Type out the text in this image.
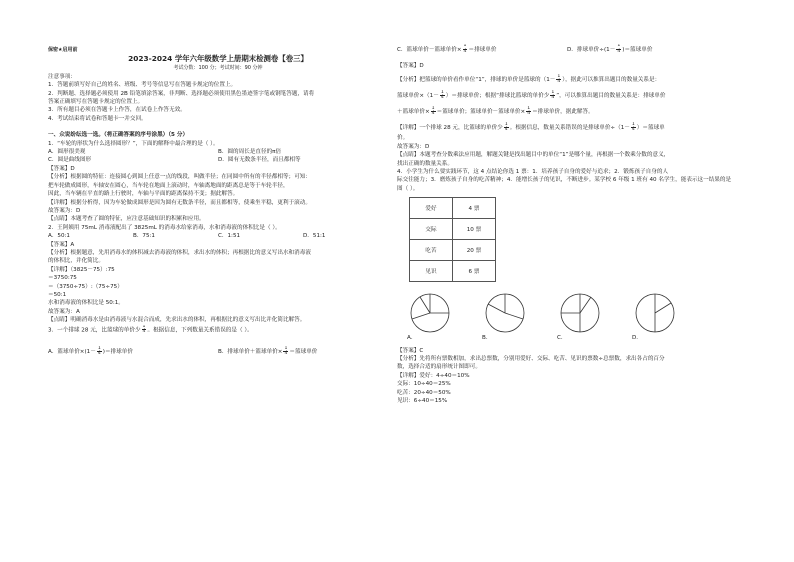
保密★启用前
2023-2024 学年六年级数学上册期末检测卷【卷三】
考试分数：100 分；考试时间：90 分钟
注意事项：
1．答题前填写好自己的姓名、班级、考号等信息写在答题卡规定的位置上。
2．判断题、选择题必须使用 2B 铅笔填涂答案，非判断、选择题必须使用黑色墨迹签字笔或钢笔答题，请将
答案正确填写在答题卡规定的位置上。
3．所有题目必须在答题卡上作答，在试卷上作答无效。
4．考试结束将试卷和答题卡一并交回。
一、众说纷纭选一选。（将正确答案的序号涂黑）（5 分）
1．“车轮的形状为什么选择圆形？”，下面的解释中最合理的是（ ）。
A．圆形很美观	B．圆的周长是直径的π倍
C．圆是曲线图形	D．圆有无数条半径，而且都相等
【答案】D
【分析】根据圆的特征：连接圆心到圆上任意一点的线段，叫做半径；在同圆中所有的半径都相等；可知：
把车轮做成圆形，车轴安在圆心，当车轮在地面上滚动时，车轴离地面的距离总是等于车轮半径，
因此，当车辆在平直的路上行驶时，车轴与平面的距离保持不变；据此解答。
【详解】根据分析得，因为车轮做成圆形是因为圆有无数条半径，而且都相等，使乘坐平稳，更利于滚动。
故答案为：D
【点睛】本题考查了圆的特征，应注意基础知识的积累和应用。
2．王阿姨用 75mL 消毒液配出了 3825mL 的消毒水给家消毒，水和消毒液的体积比是（ ）。
A．50:1	B．75:1	C．1:51	D．51:1
【答案】A
【分析】根据题意，先用消毒水的体积减去消毒液的体积，求出水的体积；再根据比的意义写出水和消毒液
的体积比，并化简比。
【详解】（3825－75）:75
＝3750:75
＝（3750÷75）:（75÷75）
＝50:1
水和消毒液的体积比是 50:1。
故答案为：A
【点睛】明确消毒水是由消毒液与水混合而成，先求出水的体积，再根据比的意义写出比并化简比解答。
3．一个排球 28 元，比篮球的单价少 $\frac{1}{4}$ 。根据信息，下列数量关系错误的是（ ）。
A．篮球单价$\times(1- \frac{1}{4}$ )＝排球单价	B．排球单价＋篮球单价× $\frac{1}{4}$ ＝篮球单价
C．篮球单价－篮球单价× $\frac{1}{4}$ ＝排球单价	D．排球单价$\div(1- \frac{1}{4}$ )＝篮球单价
【答案】D
【分析】把篮球的单价看作单位“1”，排球的单价是篮球的（$1- \frac{1}{4}$ ），据此可以推算出题目的数量关系是：
篮球单价$\times(1- \frac{1}{4}$ ）＝排球单价；根据“排球比篮球的单价少 $\frac{1}{4}$ ”，可以推算出题目的数量关系是：排球单价
＋篮球单价× $\frac{1}{4}$ ＝篮球单价；篮球单价－篮球单价× $\frac{1}{4}$ ＝排球单价，据此解答。
【详解】一个排球 28 元，比篮球的单价少 $\frac{1}{4}$ 。根据信息，数量关系错误的是排球单价$\div(1- \frac{1}{4}$ ）＝篮球单
价。
故答案为：D
【点睛】本题考查分数乘法应用题，解题关键是找出题目中的单位“1”是哪个量，再根据一个数乘分数的意义，
找出正确的数量关系。
4．小学生为什么要实践环节，这 4 点结论你选 1 票：1．培养孩子自身的爱好与追求；2．锻炼孩子自身的人
际交往能力；3．磨炼孩子自身的吃苦精神；4．能增长孩子的见识，不断进步。某学校 6 年级 1 班有 40 名学生，能表示这一结果的是
图（ ）。
爱好	4 票
交际	10 票
吃苦	20 票
见识	6 票
A．	B．	C．	D．
【答案】C
【分析】先将所有票数相加，求出总票数，分别用爱好、交际、吃苦、见识的票数÷总票数，求出各占的百分
数，选择合适的扇形统计图即可。
【详解】爱好：4÷40＝10%
交际：10÷40＝25%
吃苦：20÷40＝50%
见识：6÷40＝15%
